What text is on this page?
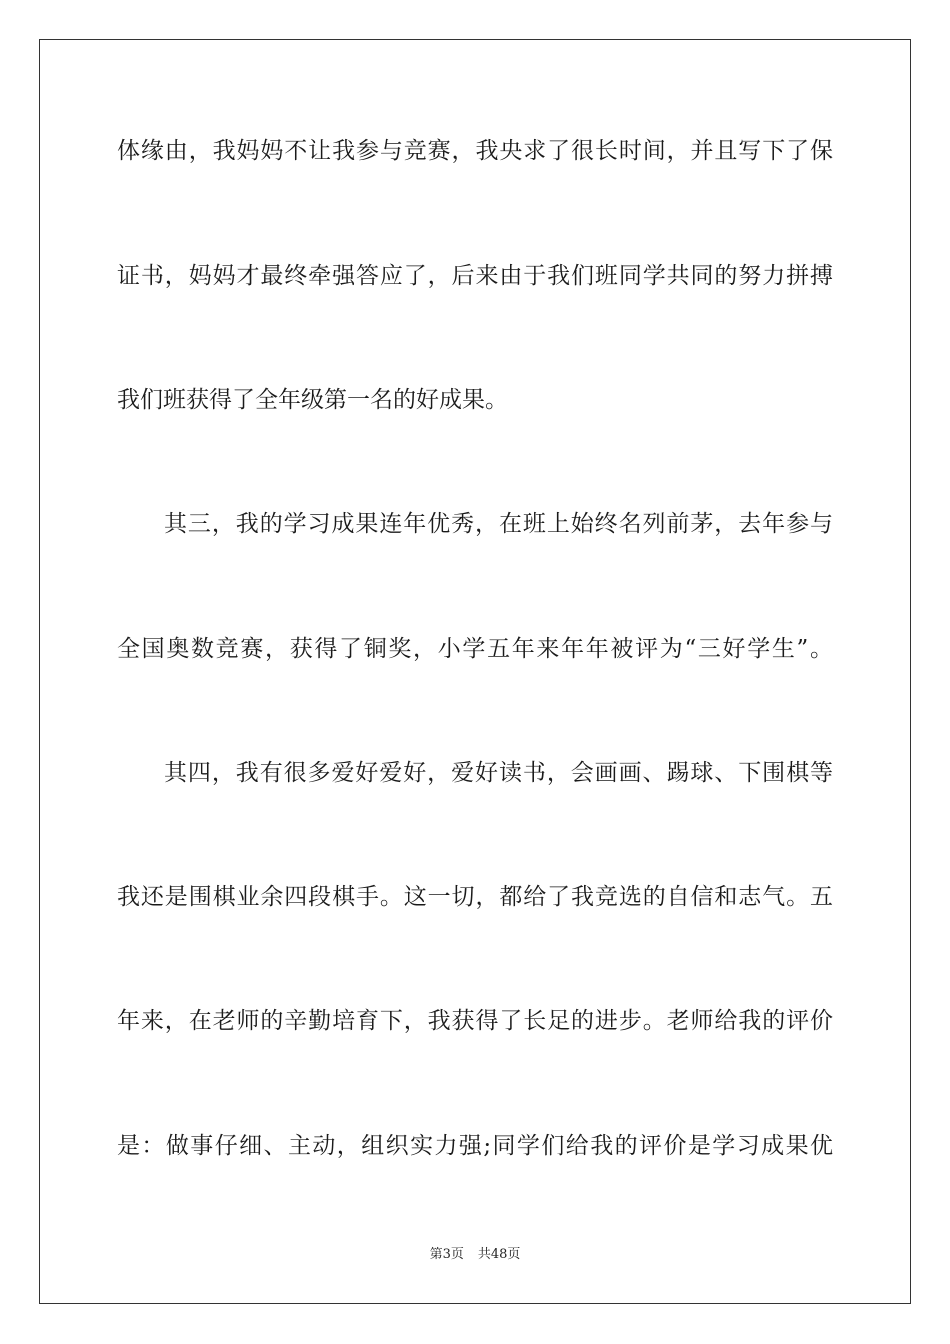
体缘由，我妈妈不让我参与竞赛，我央求了很长时间，并且写下了保
证书，妈妈才最终牵强答应了，后来由于我们班同学共同的努力拼搏
我们班获得了全年级第一名的好成果。
其三，我的学习成果连年优秀，在班上始终名列前茅，去年参与
全国奥数竞赛，获得了铜奖，小学五年来年年被评为“三好学生”。
其四，我有很多爱好爱好，爱好读书，会画画、踢球、下围棋等
我还是围棋业余四段棋手。这一切，都给了我竞选的自信和志气。五
年来，在老师的辛勤培育下，我获得了长足的进步。老师给我的评价
是：做事仔细、主动，组织实力强;同学们给我的评价是学习成果优
第3页 共48页
